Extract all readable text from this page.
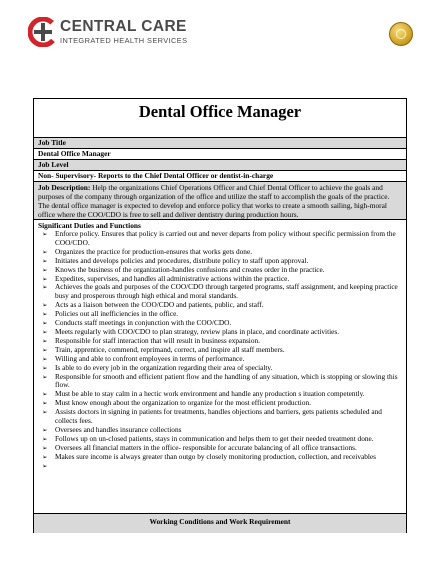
CENTRAL CARE
INTEGRATED HEALTH SERVICES
Dental Office Manager
Job Title
Dental Office Manager
Job Level
Non- Supervisory- Reports to the Chief Dental Officer or dentist-in-charge
Job Description: Help the organizations Chief Operations Officer and Chief Dental Officer to achieve the goals and purposes of the company through organization of the office and utilize the staff to accomplish the goals of the practice. The dental office manager is expected to develop and enforce policy that works to create a smooth sailing, high-moral office where the COO/CDO is free to sell and deliver dentistry during production hours.
Significant Duties and Functions
➢ Enforce policy. Ensures that policy is carried out and never departs from policy without specific permission from the COO/CDO.
➢ Organizes the practice for production-ensures that works gets done.
➢ Initiates and develops policies and procedures, distribute policy to staff upon approval.
➢ Knows the business of the organization-handles confusions and creates order in the practice.
➢ Expedites, supervises, and handles all administrative actions within the practice.
➢ Achieves the goals and purposes of the COO/CDO through targeted programs, staff assignment, and keeping practice busy and prosperous through high ethical and moral standards.
➢ Acts as a liaison between the COO/CDO and patients, public, and staff.
➢ Policies out all inefficiencies in the office.
➢ Conducts staff meetings in conjunction with the COO/CDO.
➢ Meets regularly with COO/CDO to plan strategy, review plans in place, and coordinate activities.
➢ Responsible for staff interaction that will result in business expansion.
➢ Train, apprentice, commend, reprimand, correct, and inspire all staff members.
➢ Willing and able to confront employees in terms of performance.
➢ Is able to do every job in the organization regarding their area of specialty.
➢ Responsible for smooth and efficient patient flow and the handling of any situation, which is stopping or slowing this flow.
➢ Must be able to stay calm in a hectic work environment and handle any production s ituation competently.
➢ Must know enough about the organization to organize for the most efficient production.
➢ Assists doctors in signing in patients for treatments, handles objections and barriers, gets patients scheduled and collects fees.
➢ Oversees and handles insurance collections
➢ Follows up on un-closed patients, stays in communication and helps them to get their needed treatment done.
➢ Oversees all financial matters in the office- responsible for accurate balancing of all office transactions.
➢ Makes sure income is always greater than outgo by closely monitoring production, collection, and receivables
➢
Working Conditions and Work Requirement
